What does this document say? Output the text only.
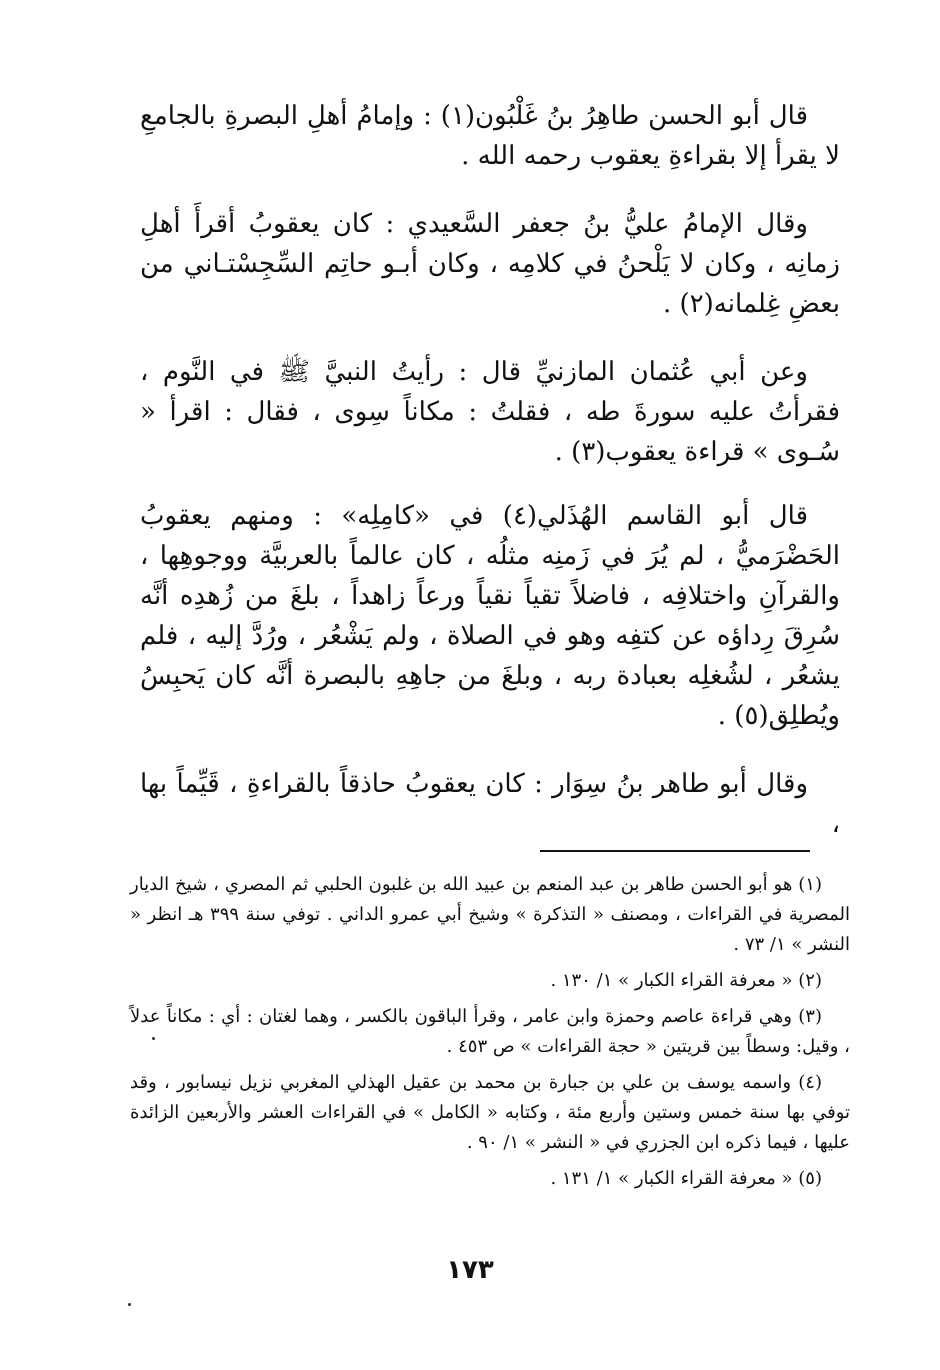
قال أبو الحسن طاهِرُ بنُ غَلْبُون(١) : وإمامُ أهلِ البصرةِ بالجامعِ لا يقرأ إلا بقراءةِ يعقوب رحمه الله .

وقال الإمامُ عليُّ بنُ جعفر السَّعيدي : كان يعقوبُ أقرأَ أهلِ زمانِه ، وكان لا يَلْحنُ في كلامِه ، وكان أبـو حاتِم السِّجِسْتـاني من بعضِ غِلمانه(٢) .

وعن أبي عُثمان المازنيِّ قال : رأيتُ النبيَّ ﷺ في النَّوم ، فقرأتُ عليه سورةَ طه ، فقلتُ : مكاناً سِوى ، فقال : اقرأ « سُـوى » قراءة يعقوب(٣) .

قال أبو القاسم الهُذَلي(٤) في «كامِلِه» : ومنهم يعقوبُ الحَضْرَميُّ ، لم يُرَ في زَمنِه مثلُه ، كان عالماً بالعربيَّة ووجوهِها ، والقرآنِ واختلافِه ، فاضلاً تقياً نقياً ورعاً زاهداً ، بلغَ من زُهدِه أنَّه سُرِقَ رِداؤه عن كتفِه وهو في الصلاة ، ولم يَشْعُر ، ورُدَّ إليه ، فلم يشعُر ، لشُغلِه بعبادة ربه ، وبلغَ من جاهِهِ بالبصرة أنَّه كان يَحبِسُ ويُطلِق(٥) .

وقال أبو طاهر بنُ سِوَار : كان يعقوبُ حاذقاً بالقراءةِ ، قَيِّماً بها ،

(١) هو أبو الحسن طاهر بن عبد المنعم بن عبيد الله بن غلبون الحلبي ثم المصري ، شيخ الديار المصرية في القراءات ، ومصنف « التذكرة » وشيخ أبي عمرو الداني . توفي سنة ٣٩٩ هـ انظر « النشر » ١/ ٧٣ .

(٢) « معرفة القراء الكبار » ١/ ١٣٠ .

(٣) وهي قراءة عاصم وحمزة وابن عامر ، وقرأ الباقون بالكسر ، وهما لغتان : أي : مكاناً عدلاً ، وقيل: وسطاً بين قريتين « حجة القراءات » ص ٤٥٣ .

(٤) واسمه يوسف بن علي بن جبارة بن محمد بن عقيل الهذلي المغربي نزيل نيسابور ، وقد توفي بها سنة خمس وستين وأربع مئة ، وكتابه « الكامل » في القراءات العشر والأربعين الزائدة عليها ، فيما ذكره ابن الجزري في « النشر » ١/ ٩٠ .

(٥) « معرفة القراء الكبار » ١/ ١٣١ .

١٧٣
